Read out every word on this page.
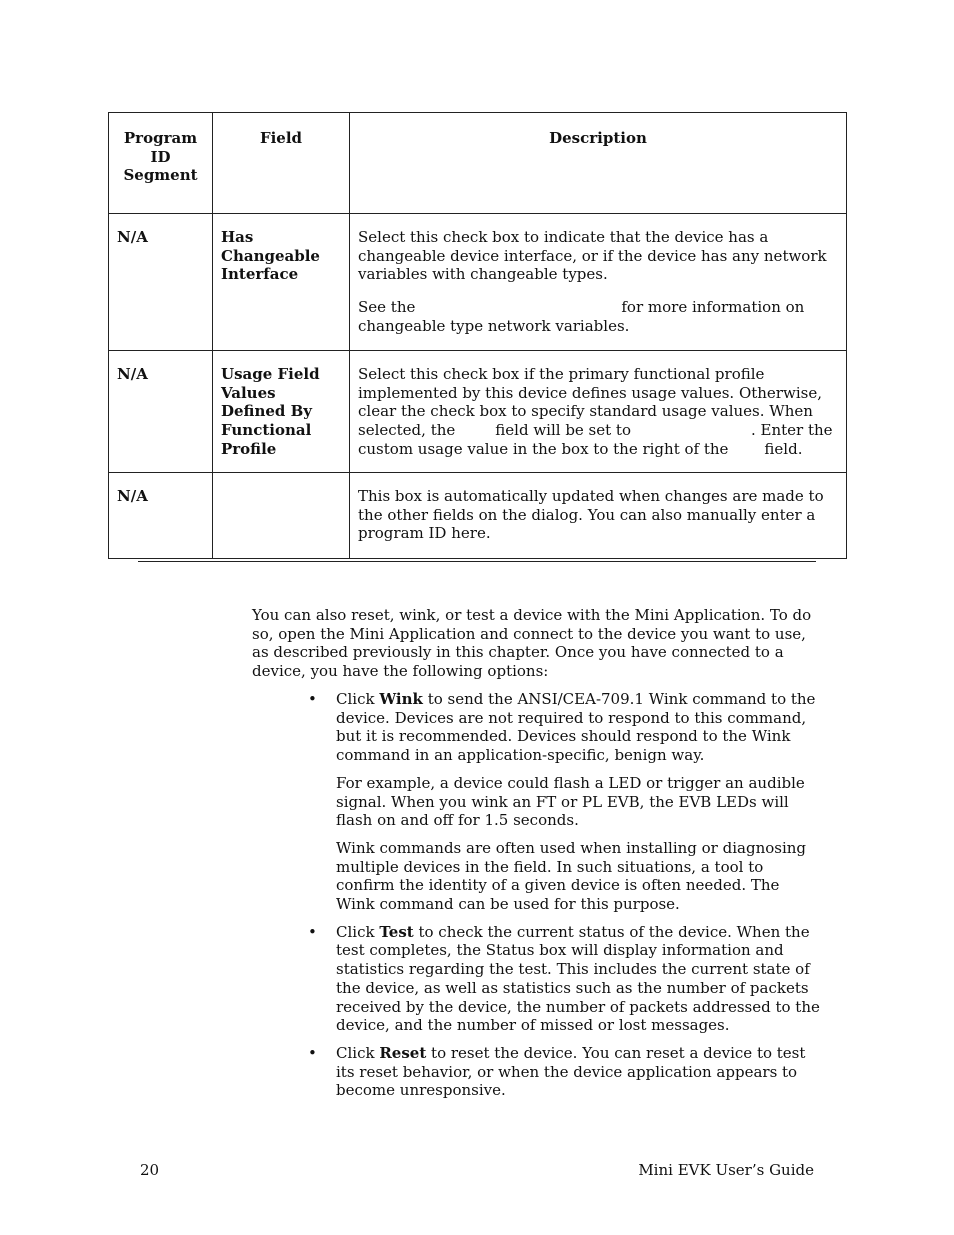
Program ID Segment	Field	Description

N/A	Has Changeable Interface	Select this check box to indicate that the device has a changeable device interface, or if the device has any network variables with changeable types.

See the for more information on changeable type network variables.

N/A	Usage Field Values Defined By Functional Profile	Select this check box if the primary functional profile implemented by this device defines usage values. Otherwise, clear the check box to specify standard usage values. When selected, the field will be set to . Enter the custom usage value in the box to the right of the field.

N/A		This box is automatically updated when changes are made to the other fields on the dialog. You can also manually enter a program ID here.

You can also reset, wink, or test a device with the Mini Application. To do so, open the Mini Application and connect to the device you want to use, as described previously in this chapter. Once you have connected to a device, you have the following options:

• Click Wink to send the ANSI/CEA-709.1 Wink command to the device. Devices are not required to respond to this command, but it is recommended. Devices should respond to the Wink command in an application-specific, benign way.

For example, a device could flash a LED or trigger an audible signal. When you wink an FT or PL EVB, the EVB LEDs will flash on and off for 1.5 seconds.

Wink commands are often used when installing or diagnosing multiple devices in the field. In such situations, a tool to confirm the identity of a given device is often needed. The Wink command can be used for this purpose.

• Click Test to check the current status of the device. When the test completes, the Status box will display information and statistics regarding the test. This includes the current state of the device, as well as statistics such as the number of packets received by the device, the number of packets addressed to the device, and the number of missed or lost messages.

• Click Reset to reset the device. You can reset a device to test its reset behavior, or when the device application appears to become unresponsive.

20	Mini EVK User’s Guide
